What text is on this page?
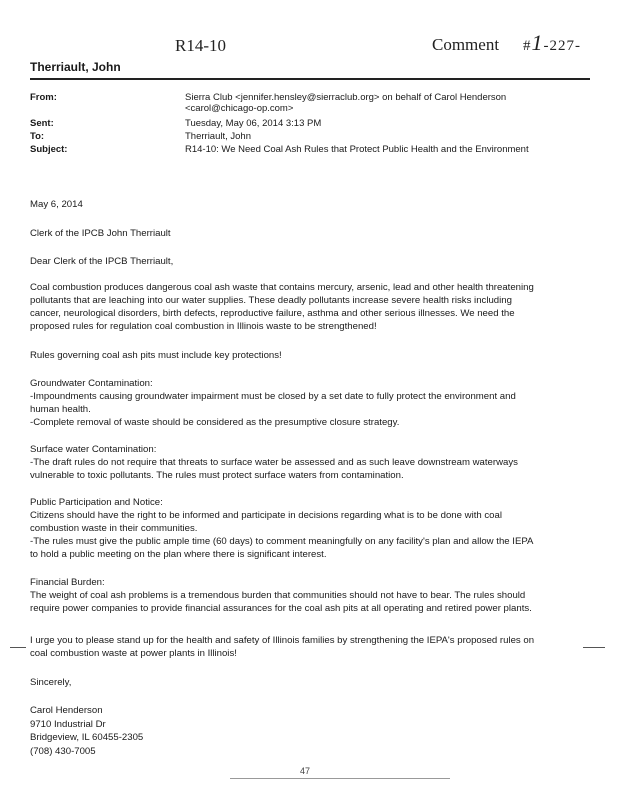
R14-10	Comment #1-227-
Therriault, John
From:	Sierra Club <jennifer.hensley@sierraclub.org> on behalf of Carol Henderson
<carol@chicago-op.com>
Sent:	Tuesday, May 06, 2014 3:13 PM
To:	Therriault, John
Subject:	R14-10: We Need Coal Ash Rules that Protect Public Health and the Environment
May 6, 2014
Clerk of the IPCB John Therriault
Dear Clerk of the IPCB Therriault,
Coal combustion produces dangerous coal ash waste that contains mercury, arsenic, lead and other health threatening
pollutants that are leaching into our water supplies. These deadly pollutants increase severe health risks including
cancer, neurological disorders, birth defects, reproductive failure, asthma and other serious illnesses. We need the
proposed rules for regulation coal combustion in Illinois waste to be strengthened!
Rules governing coal ash pits must include key protections!
Groundwater Contamination:
-Impoundments causing groundwater impairment must be closed by a set date to fully protect the environment and
human health.
-Complete removal of waste should be considered as the presumptive closure strategy.
Surface water Contamination:
-The draft rules do not require that threats to surface water be assessed and as such leave downstream waterways
vulnerable to toxic pollutants. The rules must protect surface waters from contamination.
Public Participation and Notice:
Citizens should have the right to be informed and participate in decisions regarding what is to be done with coal
combustion waste in their communities.
-The rules must give the public ample time (60 days) to comment meaningfully on any facility's plan and allow the IEPA
to hold a public meeting on the plan where there is significant interest.
Financial Burden:
The weight of coal ash problems is a tremendous burden that communities should not have to bear. The rules should
require power companies to provide financial assurances for the coal ash pits at all operating and retired power plants.
I urge you to please stand up for the health and safety of Illinois families by strengthening the IEPA's proposed rules on
coal combustion waste at power plants in Illinois!
Sincerely,
Carol Henderson
9710 Industrial Dr
Bridgeview, IL 60455-2305
(708) 430-7005
47
